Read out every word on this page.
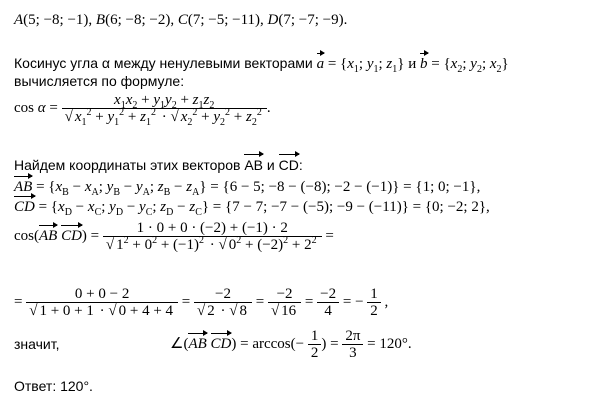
A(5; −8; −1), B(6; −8; −2), C(7; −5; −11), D(7; −7; −9).
Косинус угла α между ненулевыми векторами $a = \{x_1$; $y_1$; $z_1$} и $b = \{x_2$; $y_2$; $x_2$}
вычисляется по формуле:
$\cos \alpha = \frac{x_1x_2 + y_1y_2 + z_1z_2}{√ x_1^2 + y_1^2 + z_1^2 \cdot √ x_2^2 + y_2^2 + z_2^2}$ .
Найдем координаты этих векторов AB и CD:
AB = {$x_B - x_A$; $y_B - y_A$; $z_B - z_A\} = \{6 - 5$; −8 − (−8); −2 − (−1)} = {1; 0; −1},
CD = {$x_D - x_C$; $y_D - y_C$; $z_D - z_C\} = \{7 - 7$; −7 − (−5); −9 − (−11)} = {0; −2; 2},
cos(AB $CD) = \frac{1 \cdot 0 + 0 \cdot (-2) + (-1) \cdot 2}{√ 1^2 + 0^2 + (-1)^2 \cdot √ 0^2 + (-2)^2 + 2^2}$ =
= $\frac{0 + 0 - 2}{√ 1 + 0 + 1 \cdot √ 0 + 4 + 4} = \frac{-2}{√ 2 \cdot √ 8} = \frac{-2}{√ 16} = \frac{-2}{4}$ = − $\frac{1}{2}$ ,
значит,	∠(AB $CD) = \arccos(- \frac{1}{2}$ ) = $\frac{2\pi}{3} = 120^\circ$.
Ответ: 120°.
